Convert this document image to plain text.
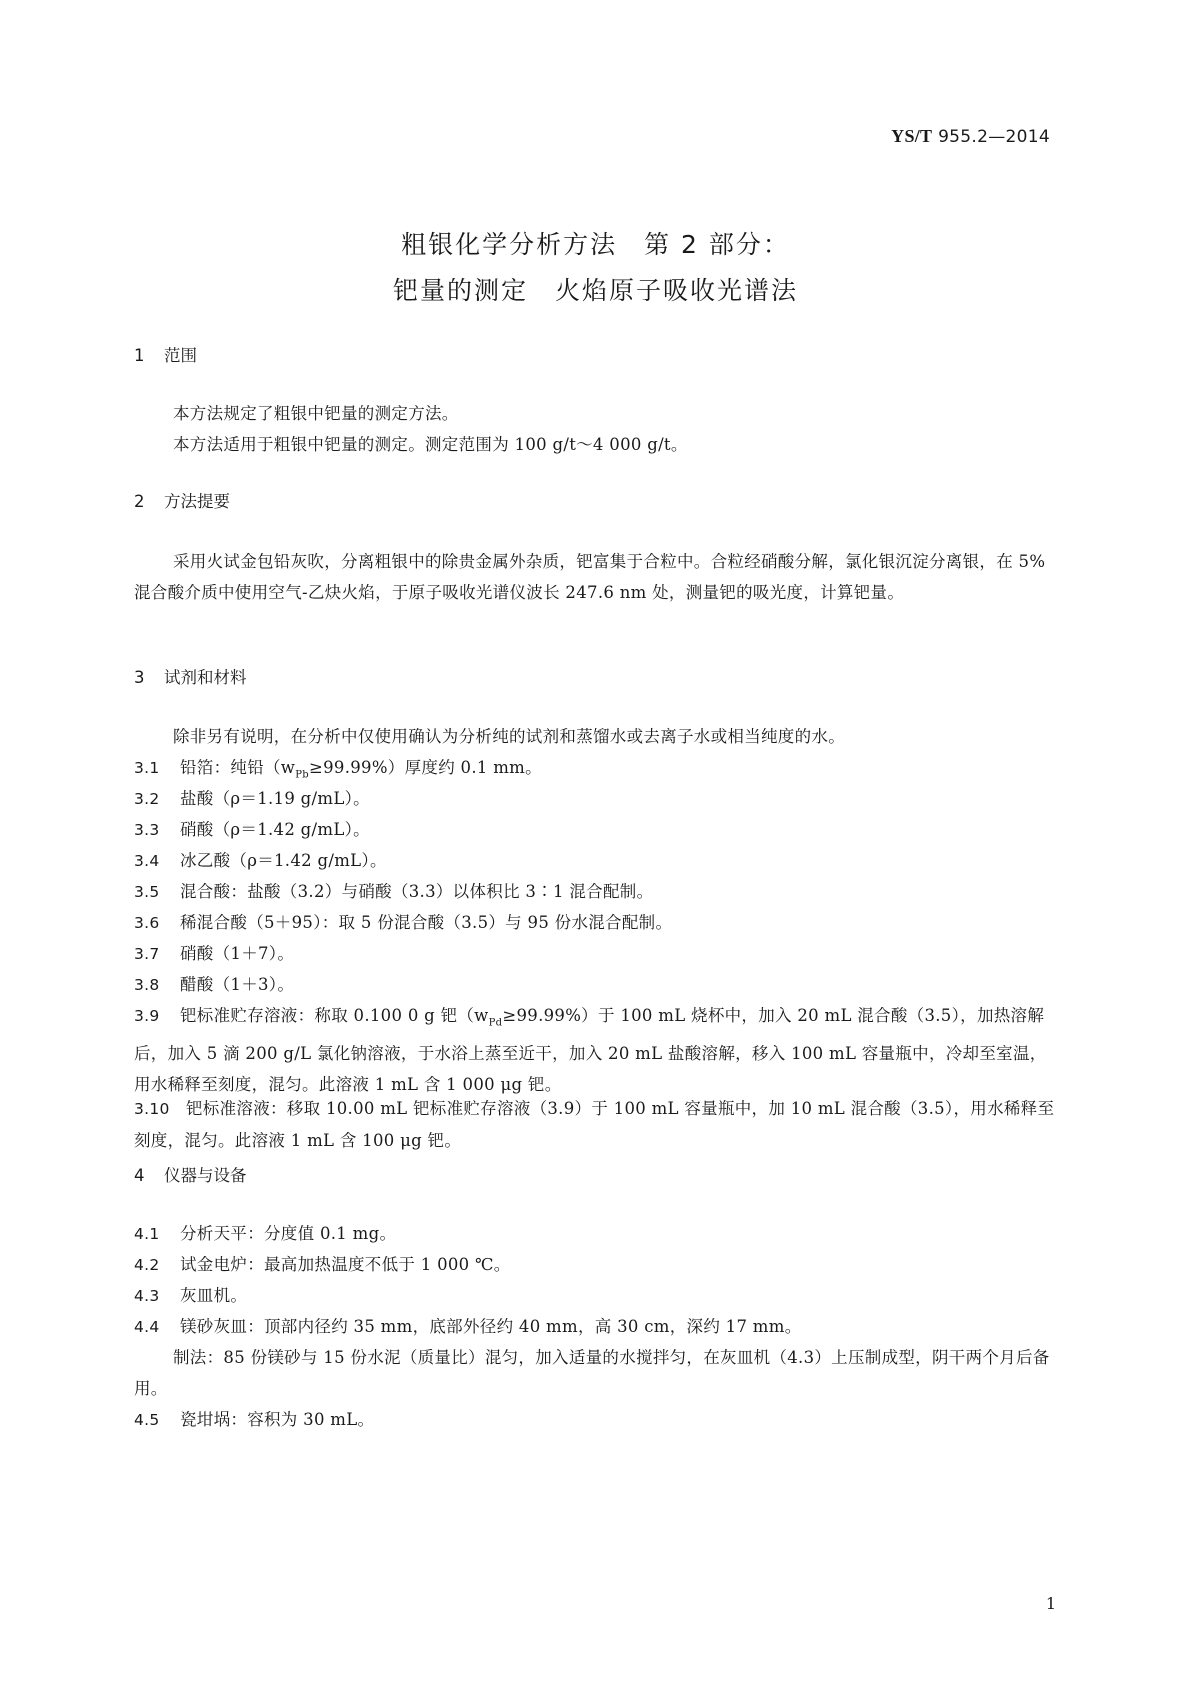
YS/T 955.2—2014
粗银化学分析方法　第 2 部分：
钯量的测定　火焰原子吸收光谱法
1 范围
本方法规定了粗银中钯量的测定方法。
本方法适用于粗银中钯量的测定。测定范围为 100 g/t～4 000 g/t。
2 方法提要
采用火试金包铅灰吹，分离粗银中的除贵金属外杂质，钯富集于合粒中。合粒经硝酸分解，氯化银沉淀分离银，在 5%混合酸介质中使用空气-乙炔火焰，于原子吸收光谱仪波长 247.6 nm 处，测量钯的吸光度，计算钯量。
3 试剂和材料
除非另有说明，在分析中仅使用确认为分析纯的试剂和蒸馏水或去离子水或相当纯度的水。
3.1 铅箔：纯铅$(w_{Pb}\ge 99.99\%)$厚度约 0.1 mm。
3.2 盐酸（ρ＝1.19 g/mL）。
3.3 硝酸（ρ＝1.42 g/mL）。
3.4 冰乙酸（ρ＝1.42 g/mL）。
3.5 混合酸：盐酸（3.2）与硝酸（3.3）以体积比 3∶1 混合配制。
3.6 稀混合酸（5＋95）：取 5 份混合酸（3.5）与 95 份水混合配制。
3.7 硝酸（1＋7）。
3.8 醋酸（1＋3）。
3.9 钯标准贮存溶液：称取 0.100 0 g 钯$(w_{Pd}\ge 99.99\%)$于 100 mL 烧杯中，加入 20 mL 混合酸（3.5），加热溶解后，加入 5 滴 200 g/L 氯化钠溶液，于水浴上蒸至近干，加入 20 mL 盐酸溶解，移入 100 mL 容量瓶中，冷却至室温，用水稀释至刻度，混匀。此溶液 1 mL 含 1 000 μg 钯。
3.10 钯标准溶液：移取 10.00 mL 钯标准贮存溶液（3.9）于 100 mL 容量瓶中，加 10 mL 混合酸（3.5），用水稀释至刻度，混匀。此溶液 1 mL 含 100 μg 钯。
4 仪器与设备
4.1 分析天平：分度值 0.1 mg。
4.2 试金电炉：最高加热温度不低于 1 000 ℃。
4.3 灰皿机。
4.4 镁砂灰皿：顶部内径约 35 mm，底部外径约 40 mm，高 30 cm，深约 17 mm。
制法：85 份镁砂与 15 份水泥（质量比）混匀，加入适量的水搅拌匀，在灰皿机（4.3）上压制成型，阴干两个月后备用。
4.5 瓷坩埚：容积为 30 mL。
1
